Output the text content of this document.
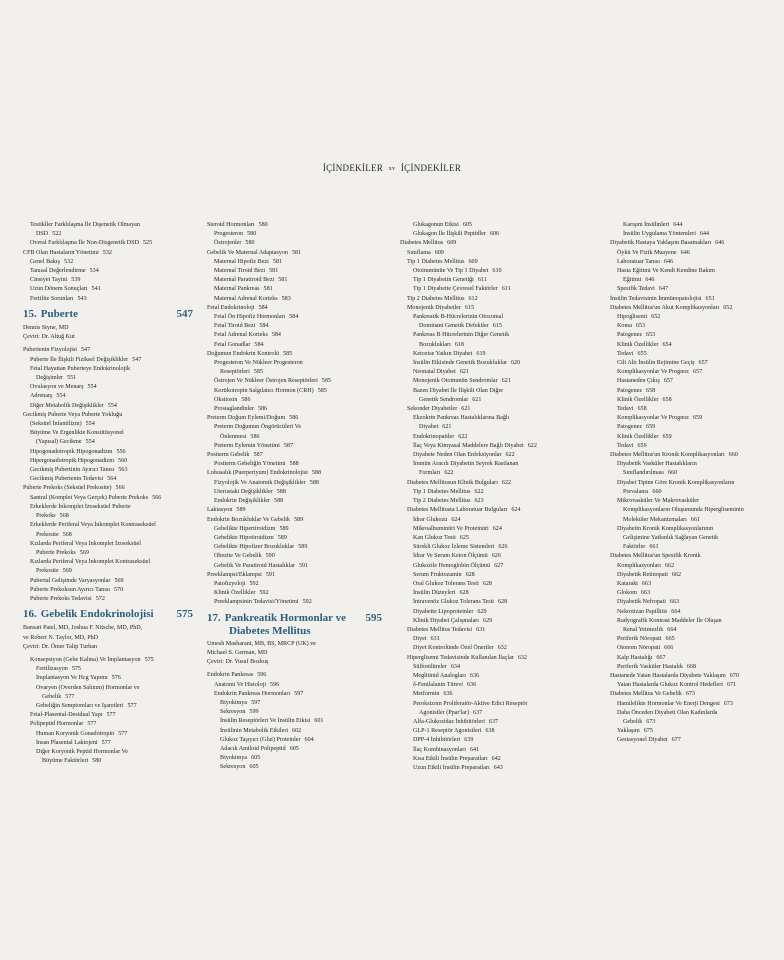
İÇİNDEKİLER xv İÇİNDEKİLER
Testikller Farklılaşma İle Dişenetik Olmayan
DSD 522
Overal Farklılaşma İle Non-Disgenetik DSD 525
CFB Olan Hastaların Yönetimi 532
Genel Bakış 532
Tanısal Değerlendirme 534
Cinsiyet Tayini 539
Uzun Dönem Sonuçları 541
Fertilite Sorunları 543
15. Puberte	547
Dennis Styne, MD
Çeviri: Dr. Altuğ Kut
Pubertenin Fizyolojisi 547
Puberte İle İlişkili Fiziksel Değişiklikler 547
Fetal Hayattan Puberteye Endokrinolojik
Değişimler 551
Ovulasyon ve Menarş 554
Adrenarş 554
Diğer Metabolik Değişiklikler 554
Gecikmiş Puberte Veya Puberte Yokluğu
(Seksüel İnfantilizm) 554
Büyüme Ve Ergenlikte Konstitüsyonel
(Yapısal) Gecikme 554
Hipogonadotropik Hipogonadizm 556
Hipergonadotropik Hipogonadizm 560
Gecikmiş Pubertinin Ayırıcı Tanısı 563
Gecikmiş Pubertenin Tedavisi 564
Puberte Prekoks (Seksüel Prekosite) 566
Santral (Komplet Veya Gerçek) Puberte Prekoks 566
Erkeklerde İnkomplet İzoseksüel Puberte
Prekoks 568
Erkeklerde Periferal Veya İnkomplet Kontraseksüel
Prekosite 568
Kızlarda Periferal Veya İnkomplet İzoseksüel
Puberte Prekoks 569
Kızlarda Periferal Veya İnkomplet Kontraseksüel
Prekosite 569
Pubertal Gelişimde Varyasyonlar 569
Puberte Prekoksun Ayırıcı Tanısı 570
Puberte Prekoks Tedavisi 572
16. Gebelik Endokrinolojisi 575
Bansari Patel, MD, Joshua F. Nitsche, MD, PhD,
ve Robert N. Taylor, MD, PhD
Çeviri: Dr. Ömer Talip Turhan
Konsepsiyon (Gebe Kalma) Ve İmplantasyon 575
Fertilizasyon 575
İmplantasyon Ve Hcg Yapımı 576
Ovaryen (Overden Salınım) Hormonlar ve
Gebelik 577
Gebeliğin Semptomları ve İşaretleri 577
Fetal-Plasental-Desidual Yapı 577
Polipeptid Hormonlar 577
Human Koryonik Gonadotropin 577
İnsan Plasental Laktojeni 577
Diğer Koryonik Peptid Hormonlar Ve
Büyüme Faktörleri 580
Steroid Hormonları 580
Progesteron 580
Östrojenler 580
Gebelik Ve Maternal Adaptasyon 581
Maternal Hipofiz Bezi 581
Maternal Tiroid Bezi 581
Maternal Paratiroid Bezi 581
Maternal Pankreas 581
Maternal Adrenal Korteks 583
Fetal Endokrinoloji 584
Fetal Ön Hipofiz Hormonları 584
Fetal Tiroid Bezi 584
Fetal Adrenal Korteks 584
Fetal Gonadlar 584
Doğumun Endokrin Kontrolü 585
Progesteron Ve Nükleer Progesteron
Reseptörleri 585
Östrojen Ve Nükleer Östrojen Reseptörleri 585
Kortikotropin Salgılatıcı Hormon (CRH) 585
Oksitosin 586
Prostaglandinler 586
Preterm Doğum Eylemi/Doğum 586
Preterm Doğumun Öngörücüleri Ve
Önlenmesi 586
Preterm Eylemin Yönetimi 587
Postterm Gebelik 587
Postterm Gebeliğin Yönetimi 588
Lohusalık (Puerperiyum) Endokrinolojisi 588
Fizyolojik Ve Anatomik Değişiklikler 588
Uterustaki Değişiklikler 588
Endokrin Değişiklikler 588
Laktasyon 589
Endokrin Bozukluklar Ve Gebelik 589
Gebelikte Hipertiroidizm 589
Gebelikte Hipotiroidizm 589
Gebelikte Hipofizer Bozukluklar 589
Obezite Ve Gebelik 590
Gebelik Ve Paratiroid Hastalıklar 591
Preeklampsi/Eklampsi 591
Patofizyoloji 592
Klinik Özellikler 592
Preeklampsinin Tedavisi/Yönetimi 592
17. Pankreatik Hormonlar ve
Diabetes Mellitus
595
Umesh Masharani, MB, BS, MRCP (UK) ve
Michael S. German, MD
Çeviri: Dr. Yusuf Bozkuş
Endokrin Pankreas 596
Anatomi Ve Histoloji 596
Endokrin Pankreas Hormonları 597
Biyokimya 597
Sekresyon 599
İnsülin Reseptörleri Ve İnsülin Etkisi 601
İnsülinin Metabolik Etkileri 602
Glukoz Taşıyıcı (Glut) Proteinler 604
Adacık Amiloid Polipeptid 605
Biyokimya 605
Sekresyon 605
Glukagonun Etkisi 605
Glukagon İle İlişkili Peptidler 606
Diabetes Mellitus 609
Sınıflama 609
Tip 1 Diabetes Mellitus 609
Otoimmünite Ve Tip 1 Diyabet 610
Tip 1 Diyabetin Genetiği 611
Tip 1 Diyabette Çevresel Faktörler 611
Tip 2 Diabetes Mellitus 612
Monojenik Diyabetler 615
Pankreatik B-Hücrelerinin Otozomal
Dominant Genetik Defektler 615
Pankreas B Hücrelerinin Diğer Genetik
Bozuklukları 618
Ketozise Yatkın Diyabet 619
İnsülin Etkisinde Genetik Bozukluklar 620
Neonatal Diyabet 621
Monojenik Otoimmün Sendromlar 621
Bazen Diyabet İle İlişkili Olan Diğer
Genetik Sendromlar 621
Sekonder Diyabetler 621
Ekzokrin Pankreas Hastalıklarına Bağlı
Diyabet 621
Endokrinopatiler 622
İlaç Veya Kimyasal Maddelere Bağlı Diyabet 622
Diyabete Neden Olan Enfeksiyonlar 622
İmmün Aracılı Diyabetin Seyrek Rastlanan
Formları 622
Diabetes Mellitusun Klinik Bulguları 622
Tip 1 Diabetes Mellitus 622
Tip 2 Diabetes Mellitus 623
Diabetes Mellitusta Laboratuar Bulguları 624
İdrar Glukozu 624
Mikroalbuminüri Ve Proteinüri 624
Kan Glukoz Testi 625
Sürekli Glukoz İzleme Sistemleri 626
İdrar Ve Serum Keton Ölçümü 626
Glukozile Hemoglobin Ölçümü 627
Serum Fruktozamin 628
Oral Glukoz Tolerans Testi 628
İnsülin Düzeyleri 628
İntravenöz Glukoz Tolerans Testi 628
Diyabette Lipoproteinler 629
Klinik Diyabet Çalışmaları 629
Diabetes Mellitus Tedavisi 631
Diyet 631
Diyet Kontrolünde Özel Öneriler 632
Hiperglisemi Tedavisinde Kullanılan İlaçlar 632
Sülfonilüreler 634
Meglitinid Analogları 636
δ-Fenilalanin Türevi 636
Metformin 636
Peroksizom Proliferatör-Aktive Edici Reseptör
Agonistler (Ppar'lar) 637
Alfa-Glukozidaz İnhibitörleri 637
GLP-1 Reseptör Agonistleri 638
DPP-4 İnhibitörleri 639
İlaç Kombinasyonları 641
Kısa Etkili İnsülin Preparatları 642
Uzun Etkili İnsülin Preparatları 643
Karışım İnsülinleri 644
İnsülin Uygulama Yöntemleri 644
Diyabetik Hastaya Yaklaşım Basamakları 646
Öykü Ve Fizik Muayene 646
Laboratuar Tanısı 646
Hasta Eğitimi Ve Kendi Kendine Bakım
Eğitimi 646
Spesifik Tedavi 647
İnsülin Tedavisinin İmmünopatolojisi 651
Diabetes Mellitus'un Akut Komplikasyonları 652
Hipoglisemi 652
Koma 653
Patogenez 653
Klinik Özellikler 654
Tedavi 655
Cilt Altı İnsülin Rejimine Geçiş 657
Komplikasyonlar Ve Prognoz 657
Hastaneden Çıkış 657
Patogenez 658
Klinik Özellikler 658
Tedavi 658
Komplikasyonlar Ve Prognoz 659
Patogenez 659
Klinik Özellikler 659
Tedavi 659
Diabetes Mellitus'un Kronik Komplikasyonları 660
Diyabetik Vasküler Hastalıkların
Sınıflandırılması 660
Diyabet Tipine Göre Kronik Komplikasyonların
Prevalansı 660
Mikrovasküler Ve Makrovasküler
Komplikasyonların Oluşumunda Hipergliseminin
Moleküler Mekanizmaları 661
Diyabetin Kronik Komplikasyonlarının
Gelişimine Yatkınlık Sağlayan Genetik
Faktörler 661
Diabetes Mellitus'un Spesifik Kronik
Komplikasyonları 662
Diyabetik Retinopati 662
Katarakt 663
Glokom 663
Diyabetik Nefropati 663
Nekrotizan Papillitis 664
Radyografik Kontrast Maddeler İle Oluşan
Renal Yetmezlik 664
Periferik Nöropati 665
Otonom Nöropati 666
Kalp Hastalığı 667
Periferik Vasküler Hastalık 668
Hastanede Yatan Hastalarda Diyabete Yaklaşım 670
Yatan Hastalarda Glukoz Kontrol Hedefleri 671
Diabetes Mellitus Ve Gebelik 673
Hamilelikte Hormonlar Ve Enerji Dengesi 673
Daha Önceden Diyabeti Olan Kadınlarda
Gebelik 673
Yaklaşım 675
Gestasyonel Diyabet 677
